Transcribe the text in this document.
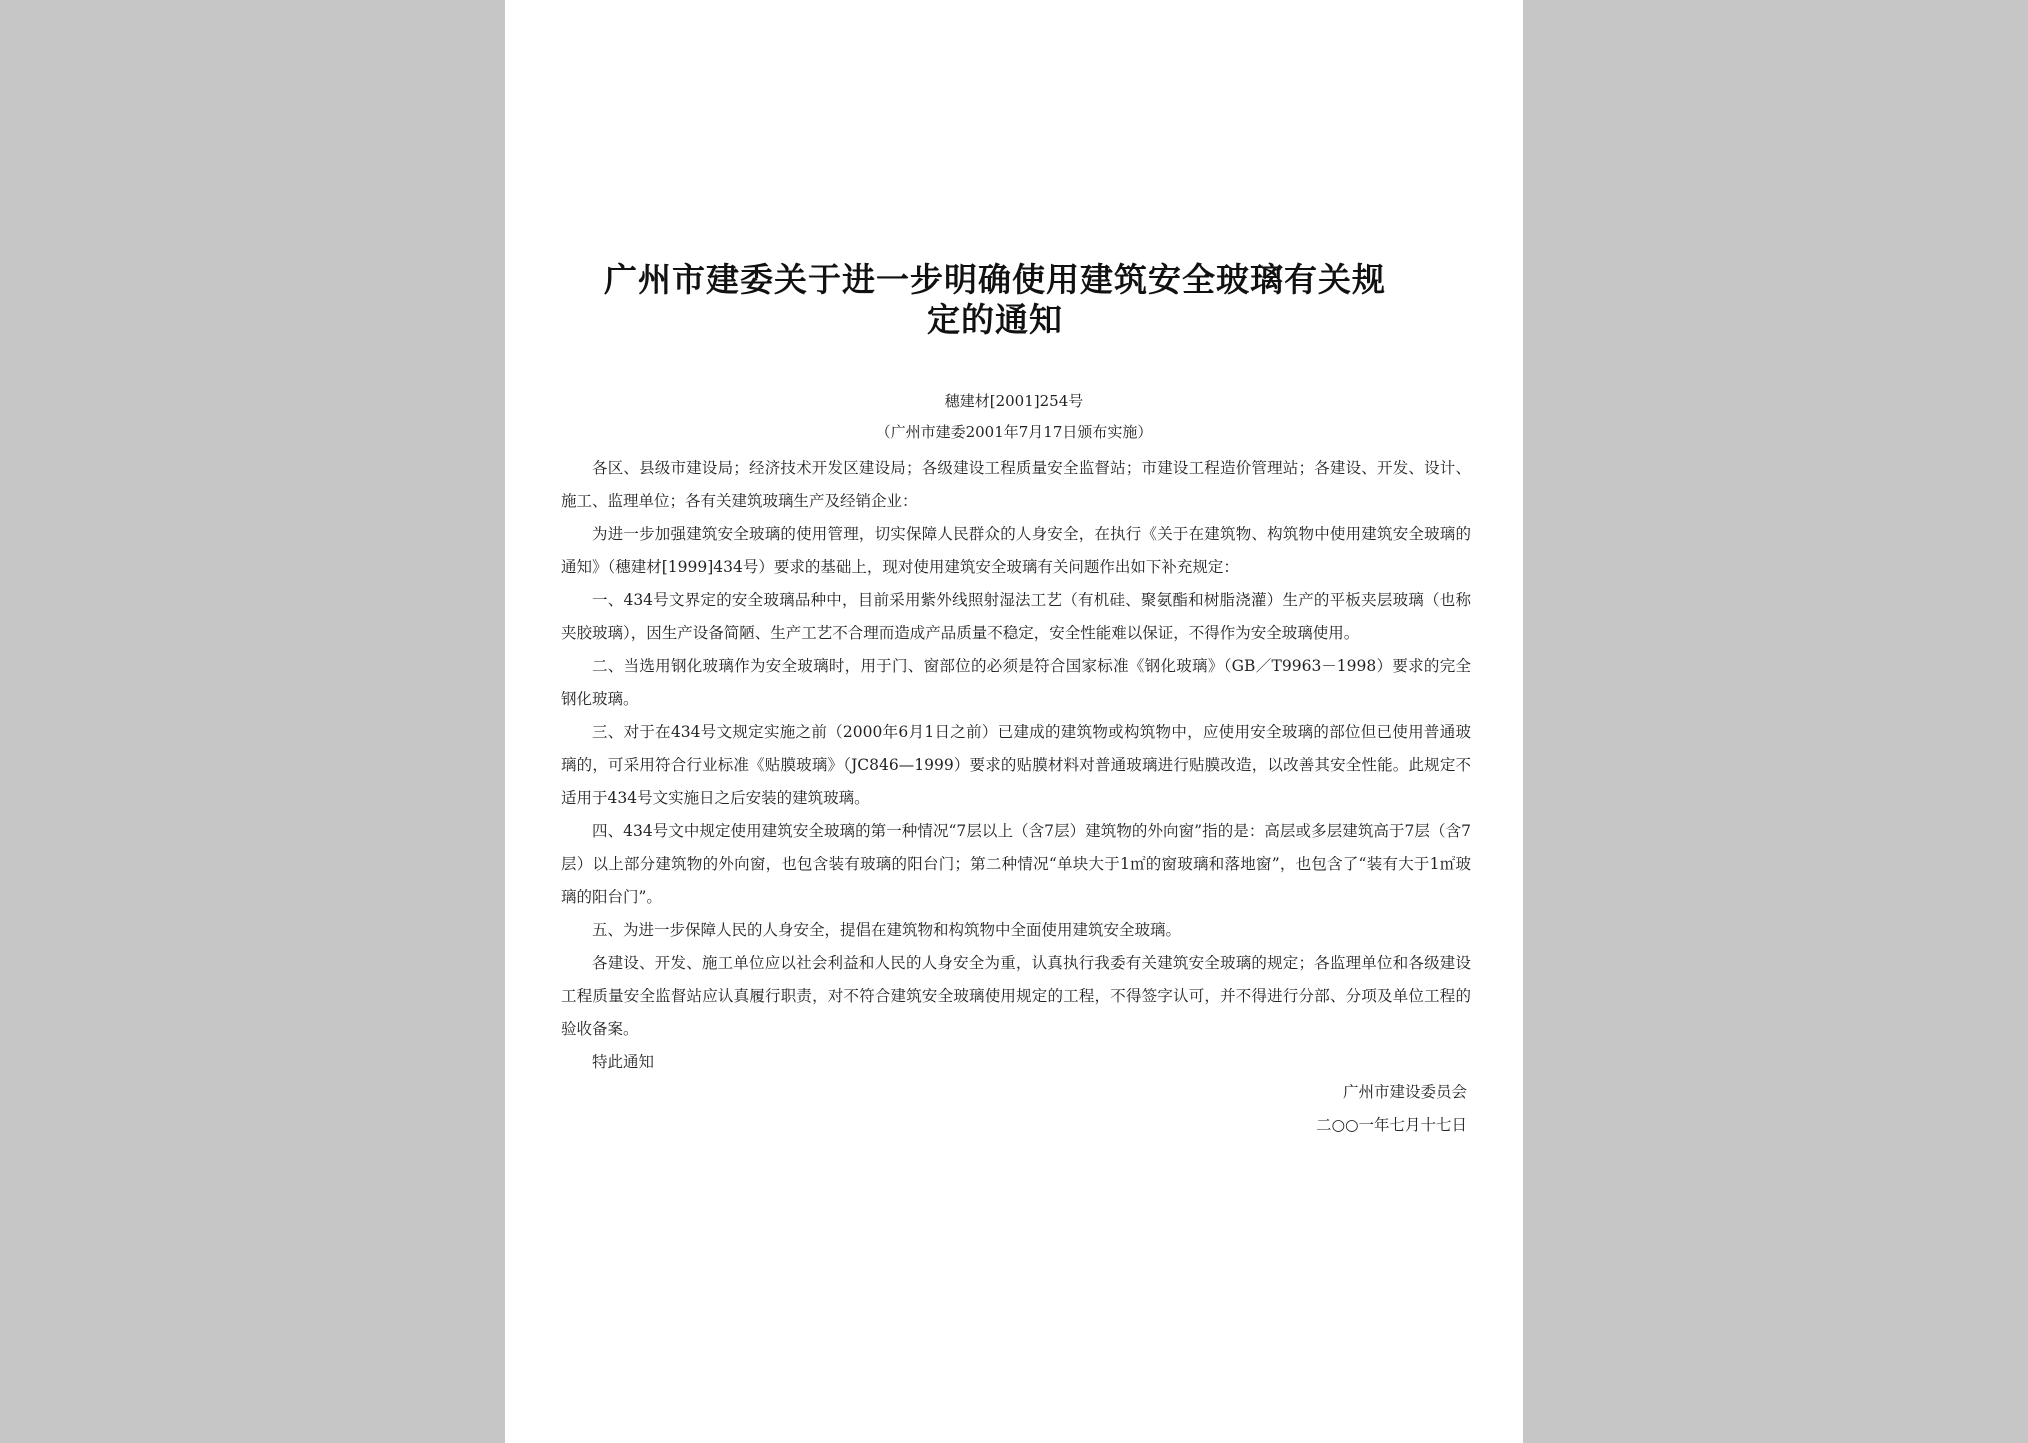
广州市建委关于进一步明确使用建筑安全玻璃有关规定的通知
穗建材[2001]254号
（广州市建委2001年7月17日颁布实施）

各区、县级市建设局；经济技术开发区建设局；各级建设工程质量安全监督站；市建设工程造价管理站；各建设、开发、设计、施工、监理单位；各有关建筑玻璃生产及经销企业：

为进一步加强建筑安全玻璃的使用管理，切实保障人民群众的人身安全，在执行《关于在建筑物、构筑物中使用建筑安全玻璃的通知》（穗建材[1999]434号）要求的基础上，现对使用建筑安全玻璃有关问题作出如下补充规定：

一、434号文界定的安全玻璃品种中，目前采用紫外线照射湿法工艺（有机硅、聚氨酯和树脂浇灌）生产的平板夹层玻璃（也称夹胶玻璃），因生产设备简陋、生产工艺不合理而造成产品质量不稳定，安全性能难以保证，不得作为安全玻璃使用。

二、当选用钢化玻璃作为安全玻璃时，用于门、窗部位的必须是符合国家标准《钢化玻璃》（GB／T9963－1998）要求的完全钢化玻璃。

三、对于在434号文规定实施之前（2000年6月1日之前）已建成的建筑物或构筑物中，应使用安全玻璃的部位但已使用普通玻璃的，可采用符合行业标准《贴膜玻璃》（JC846—1999）要求的贴膜材料对普通玻璃进行贴膜改造，以改善其安全性能。此规定不适用于434号文实施日之后安装的建筑玻璃。

四、434号文中规定使用建筑安全玻璃的第一种情况“7层以上（含7层）建筑物的外向窗”指的是：高层或多层建筑高于7层（含7层）以上部分建筑物的外向窗，也包含装有玻璃的阳台门；第二种情况“单块大于1㎡的窗玻璃和落地窗”，也包含了“装有大于1㎡玻璃的阳台门”。

五、为进一步保障人民的人身安全，提倡在建筑物和构筑物中全面使用建筑安全玻璃。

各建设、开发、施工单位应以社会利益和人民的人身安全为重，认真执行我委有关建筑安全玻璃的规定；各监理单位和各级建设工程质量安全监督站应认真履行职责，对不符合建筑安全玻璃使用规定的工程，不得签字认可，并不得进行分部、分项及单位工程的验收备案。

特此通知

广州市建设委员会
二○○一年七月十七日
